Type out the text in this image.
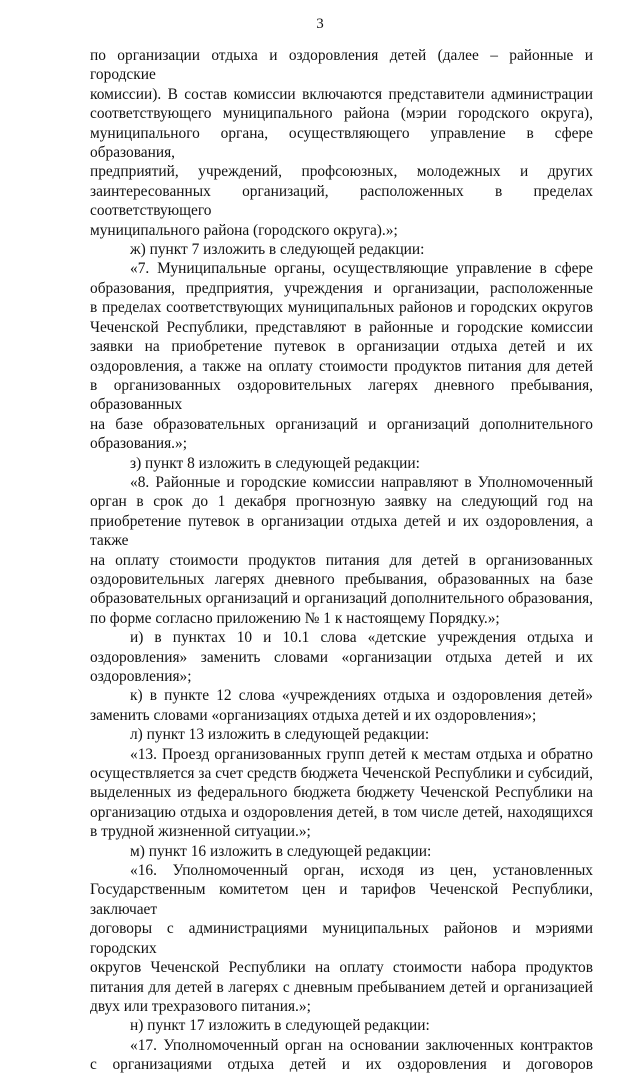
3
по организации отдыха и оздоровления детей (далее – районные и городские
комиссии). В состав комиссии включаются представители администрации
соответствующего муниципального района (мэрии городского округа),
муниципального органа, осуществляющего управление в сфере образования,
предприятий, учреждений, профсоюзных, молодежных и других
заинтересованных организаций, расположенных в пределах соответствующего
муниципального района (городского округа).»;
ж) пункт 7 изложить в следующей редакции:
«7. Муниципальные органы, осуществляющие управление в сфере
образования, предприятия, учреждения и организации, расположенные
в пределах соответствующих муниципальных районов и городских округов
Чеченской Республики, представляют в районные и городские комиссии
заявки на приобретение путевок в организации отдыха детей и их
оздоровления, а также на оплату стоимости продуктов питания для детей
в организованных оздоровительных лагерях дневного пребывания, образованных
на базе образовательных организаций и организаций дополнительного
образования.»;
з) пункт 8 изложить в следующей редакции:
«8. Районные и городские комиссии направляют в Уполномоченный
орган в срок до 1 декабря прогнозную заявку на следующий год на
приобретение путевок в организации отдыха детей и их оздоровления, а также
на оплату стоимости продуктов питания для детей в организованных
оздоровительных лагерях дневного пребывания, образованных на базе
образовательных организаций и организаций дополнительного образования,
по форме согласно приложению № 1 к настоящему Порядку.»;
и) в пунктах 10 и 10.1 слова «детские учреждения отдыха и
оздоровления» заменить словами «организации отдыха детей и их оздоровления»;
к) в пункте 12 слова «учреждениях отдыха и оздоровления детей»
заменить словами «организациях отдыха детей и их оздоровления»;
л) пункт 13 изложить в следующей редакции:
«13. Проезд организованных групп детей к местам отдыха и обратно
осуществляется за счет средств бюджета Чеченской Республики и субсидий,
выделенных из федерального бюджета бюджету Чеченской Республики на
организацию отдыха и оздоровления детей, в том числе детей, находящихся
в трудной жизненной ситуации.»;
м) пункт 16 изложить в следующей редакции:
«16. Уполномоченный орган, исходя из цен, установленных
Государственным комитетом цен и тарифов Чеченской Республики, заключает
договоры с администрациями муниципальных районов и мэриями городских
округов Чеченской Республики на оплату стоимости набора продуктов
питания для детей в лагерях с дневным пребыванием детей и организацией
двух или трехразового питания.»;
н) пункт 17 изложить в следующей редакции:
«17. Уполномоченный орган на основании заключенных контрактов
с организациями отдыха детей и их оздоровления и договоров
